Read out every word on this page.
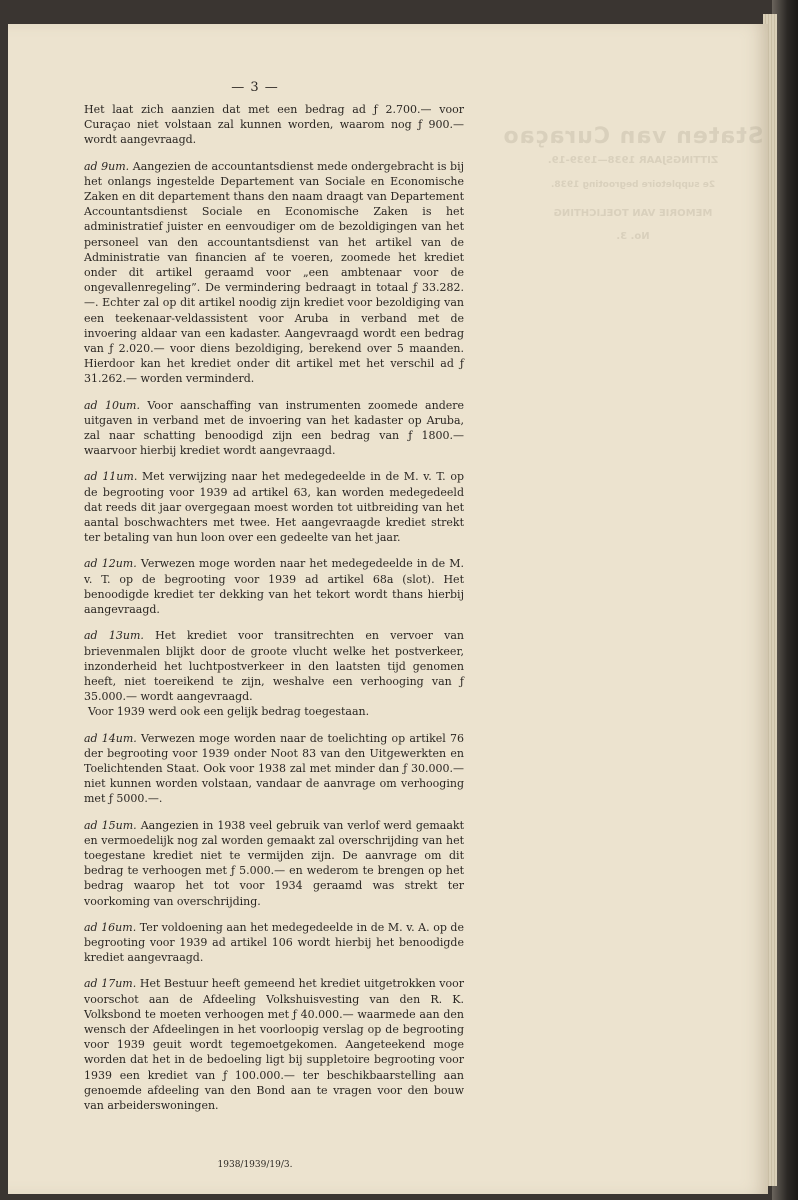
Staten van Curaçao
ZITTINGSJAAR 1938—1939-19.
2e suppletoire begrooting 1938.
MEMORIE VAN TOELICHTING
No. 3.
— 3 —

Het laat zich aanzien dat met een bedrag ad ƒ 2.700.— voor Curaçao niet volstaan zal kunnen worden, waarom nog ƒ 900.— wordt aangevraagd.

ad 9um. Aangezien de accountantsdienst mede ondergebracht is bij het onlangs ingestelde Departement van Sociale en Economische Zaken en dit departement thans den naam draagt van Departement Accountantsdienst Sociale en Economische Zaken is het administratief juister en eenvoudiger om de bezoldigingen van het personeel van den accountantsdienst van het artikel van de Administratie van financien af te voeren, zoomede het krediet onder dit artikel geraamd voor „een ambtenaar voor de ongevallenregeling”. De vermindering bedraagt in totaal ƒ 33.282.—. Echter zal op dit artikel noodig zijn krediet voor bezoldiging van een teekenaar-veldassistent voor Aruba in verband met de invoering aldaar van een kadaster. Aangevraagd wordt een bedrag van ƒ 2.020.— voor diens bezoldiging, berekend over 5 maanden. Hierdoor kan het krediet onder dit artikel met het verschil ad ƒ 31.262.— worden verminderd.

ad 10um. Voor aanschaffing van instrumenten zoomede andere uitgaven in verband met de invoering van het kadaster op Aruba, zal naar schatting benoodigd zijn een bedrag van ƒ 1800.— waarvoor hierbij krediet wordt aangevraagd.

ad 11um. Met verwijzing naar het medegedeelde in de M. v. T. op de begrooting voor 1939 ad artikel 63, kan worden medegedeeld dat reeds dit jaar overgegaan moest worden tot uitbreiding van het aantal boschwachters met twee. Het aangevraagde krediet strekt ter betaling van hun loon over een gedeelte van het jaar.

ad 12um. Verwezen moge worden naar het medegedeelde in de M. v. T. op de begrooting voor 1939 ad artikel 68a (slot). Het benoodigde krediet ter dekking van het tekort wordt thans hierbij aangevraagd.

ad 13um. Het krediet voor transitrechten en vervoer van brievenmalen blijkt door de groote vlucht welke het postverkeer, inzonderheid het luchtpostverkeer in den laatsten tijd genomen heeft, niet toereikend te zijn, weshalve een verhooging van ƒ 35.000.— wordt aangevraagd.

Voor 1939 werd ook een gelijk bedrag toegestaan.

ad 14um. Verwezen moge worden naar de toelichting op artikel 76 der begrooting voor 1939 onder Noot 83 van den Uitgewerkten en Toelichtenden Staat. Ook voor 1938 zal met minder dan ƒ 30.000.— niet kunnen worden volstaan, vandaar de aanvrage om verhooging met ƒ 5000.—.

ad 15um. Aangezien in 1938 veel gebruik van verlof werd gemaakt en vermoedelijk nog zal worden gemaakt zal overschrijding van het toegestane krediet niet te vermijden zijn. De aanvrage om dit bedrag te verhoogen met ƒ 5.000.— en wederom te brengen op het bedrag waarop het tot voor 1934 geraamd was strekt ter voorkoming van overschrijding.

ad 16um. Ter voldoening aan het medegedeelde in de M. v. A. op de begrooting voor 1939 ad artikel 106 wordt hierbij het benoodigde krediet aangevraagd.

ad 17um. Het Bestuur heeft gemeend het krediet uitgetrokken voor voorschot aan de Afdeeling Volkshuisvesting van den R. K. Volksbond te moeten verhoogen met ƒ 40.000.— waarmede aan den wensch der Afdeelingen in het voorloopig verslag op de begrooting voor 1939 geuit wordt tegemoetgekomen. Aangeteekend moge worden dat het in de bedoeling ligt bij suppletoire begrooting voor 1939 een krediet van ƒ 100.000.— ter beschikbaarstelling aan genoemde afdeeling van den Bond aan te vragen voor den bouw van arbeiderswoningen.

1938/1939/19/3.
